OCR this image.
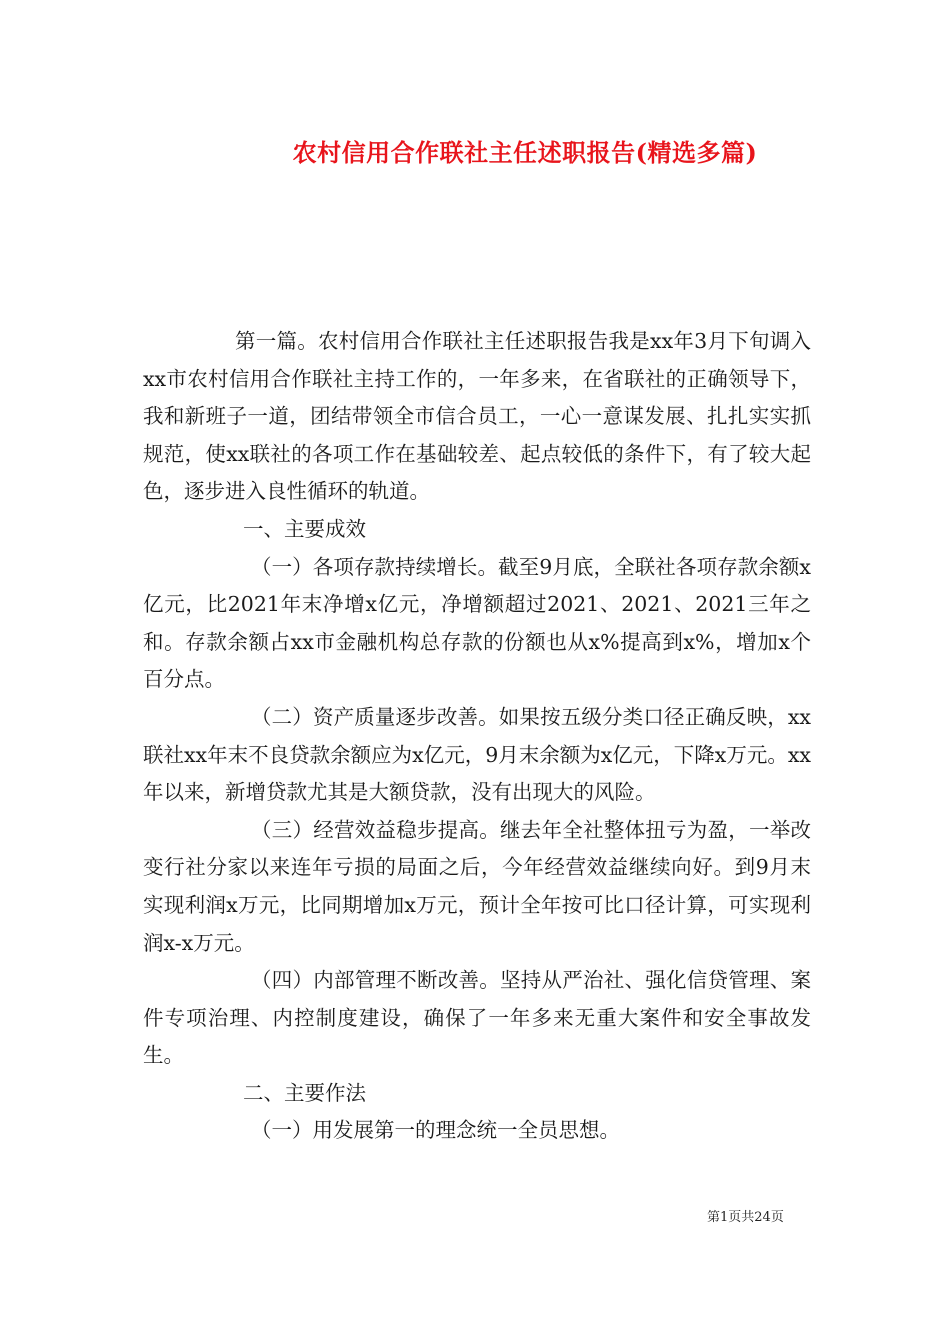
农村信用合作联社主任述职报告(精选多篇)

第一篇。农村信用合作联社主任述职报告我是xx年3月下旬调入xx市农村信用合作联社主持工作的，一年多来，在省联社的正确领导下，我和新班子一道，团结带领全市信合员工，一心一意谋发展、扎扎实实抓规范，使xx联社的各项工作在基础较差、起点较低的条件下，有了较大起色，逐步进入良性循环的轨道。

一、主要成效

（一）各项存款持续增长。截至9月底，全联社各项存款余额x亿元，比2021年末净增x亿元，净增额超过2021、2021、2021三年之和。存款余额占xx市金融机构总存款的份额也从x%提高到x%，增加x个百分点。

（二）资产质量逐步改善。如果按五级分类口径正确反映，xx联社xx年末不良贷款余额应为x亿元，9月末余额为x亿元，下降x万元。xx年以来，新增贷款尤其是大额贷款，没有出现大的风险。

（三）经营效益稳步提高。继去年全社整体扭亏为盈，一举改变行社分家以来连年亏损的局面之后，今年经营效益继续向好。到9月末实现利润x万元，比同期增加x万元，预计全年按可比口径计算，可实现利润x-x万元。

（四）内部管理不断改善。坚持从严治社、强化信贷管理、案件专项治理、内控制度建设，确保了一年多来无重大案件和安全事故发生。

二、主要作法

（一）用发展第一的理念统一全员思想。

第1页共24页
